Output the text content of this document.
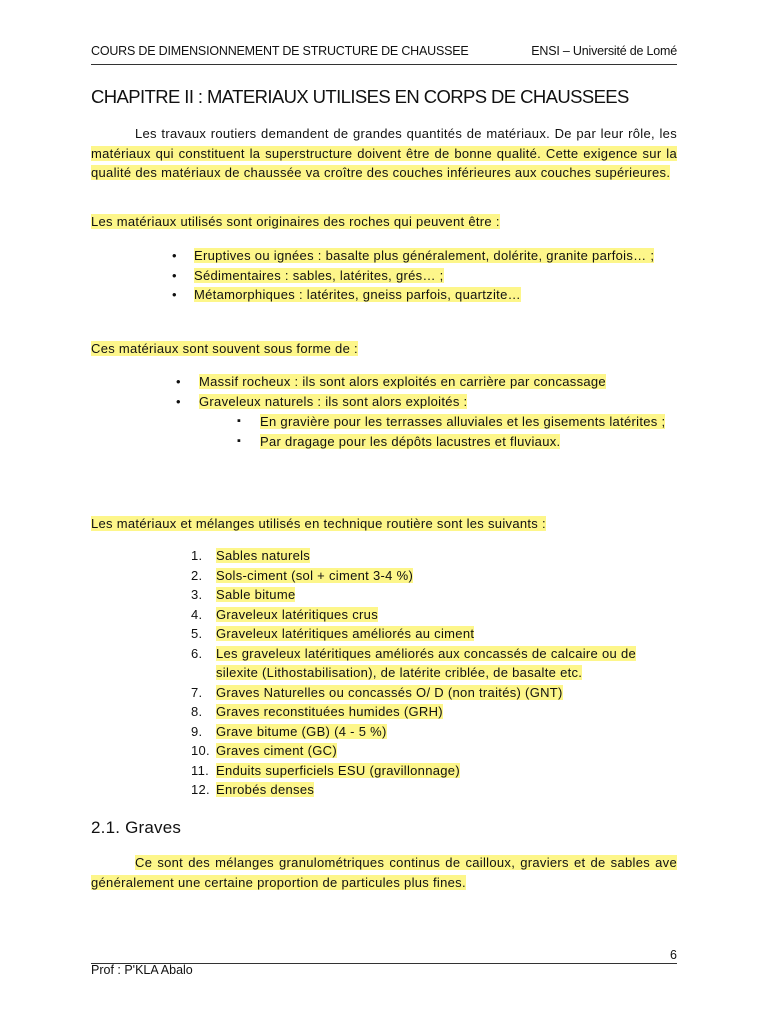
COURS DE DIMENSIONNEMENT DE STRUCTURE DE CHAUSSEE	ENSI – Université de Lomé
CHAPITRE II : MATERIAUX UTILISES EN CORPS DE CHAUSSEES
Les travaux routiers demandent de grandes quantités de matériaux. De par leur rôle, les matériaux qui constituent la superstructure doivent être de bonne qualité. Cette exigence sur la qualité des matériaux de chaussée va croître des couches inférieures aux couches supérieures.
Les matériaux utilisés sont originaires des roches qui peuvent être :
• Eruptives ou ignées : basalte plus généralement, dolérite, granite parfois… ;
• Sédimentaires : sables, latérites, grés… ;
• Métamorphiques : latérites, gneiss parfois, quartzite…
Ces matériaux sont souvent sous forme de :
• Massif rocheux : ils sont alors exploités en carrière par concassage
• Graveleux naturels : ils sont alors exploités :
▪ En gravière pour les terrasses alluviales et les gisements latérites ;
▪ Par dragage pour les dépôts lacustres et fluviaux.
Les matériaux et mélanges utilisés en technique routière sont les suivants :
1. Sables naturels
2. Sols-ciment (sol + ciment 3-4 %)
3. Sable bitume
4. Graveleux latéritiques crus
5. Graveleux latéritiques améliorés au ciment
6. Les graveleux latéritiques améliorés aux concassés de calcaire ou de silexite (Lithostabilisation), de latérite criblée, de basalte etc.
7. Graves Naturelles ou concassés O/ D (non traités) (GNT)
8. Graves reconstituées humides (GRH)
9. Grave bitume (GB) (4 - 5 %)
10. Graves ciment (GC)
11. Enduits superficiels ESU (gravillonnage)
12. Enrobés denses
2.1. Graves
Ce sont des mélanges granulométriques continus de cailloux, graviers et de sables ave généralement une certaine proportion de particules plus fines.
6
Prof : P'KLA Abalo
